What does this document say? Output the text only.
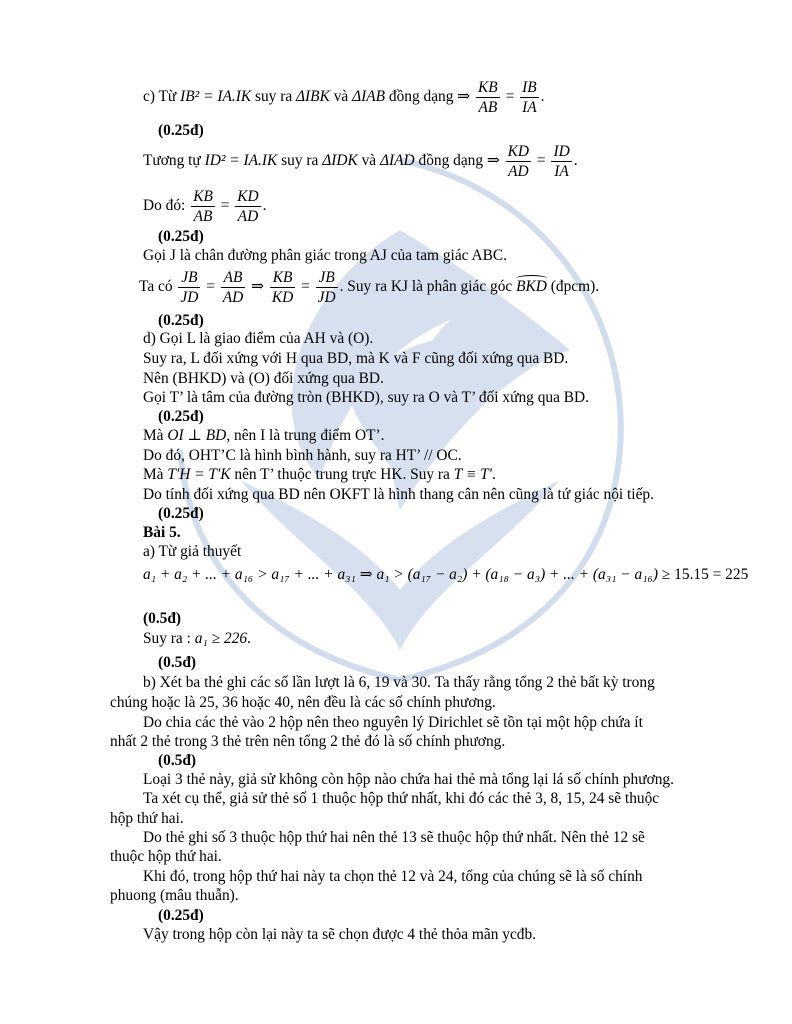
c) Từ IB² = IA.IK suy ra ΔIBK và ΔIAB đồng dạng ⇒ $\frac{KB}{AB} = \frac{IB}{IA}$ .
(0.25đ)
Tương tự ID² = IA.IK suy ra ΔIDK và ΔIAD đồng dạng ⇒ $\frac{KD}{AD} = \frac{ID}{IA}$ .
Do đó: $\frac{KB}{AB} = \frac{KD}{AD}$ .
(0.25đ)
Gọi J là chân đường phân giác trong AJ của tam giác ABC.
Ta có $\frac{JB}{JD} = \frac{AB}{AD}$ ⇒ $\frac{KB}{KD} = \frac{JB}{JD}$ . Suy ra KJ là phân giác góc BKD (đpcm).
(0.25đ)
d) Gọi L là giao điểm của AH và (O).
Suy ra, L đối xứng với H qua BD, mà K và F cũng đối xứng qua BD.
Nên (BHKD) và (O) đối xứng qua BD.
Gọi T’ là tâm của đường tròn (BHKD), suy ra O và T’ đối xứng qua BD.
(0.25đ)
Mà OI ⊥ BD, nên I là trung điểm OT’.
Do đó, OHT’C là hình bình hành, suy ra HT’ // OC.
Mà T'H = T'K nên T’ thuộc trung trực HK. Suy ra T ≡ T'.
Do tính đối xứng qua BD nên OKFT là hình thang cân nên cũng là tứ giác nội tiếp.
(0.25đ)
Bài 5.
a) Từ giả thuyết
a₁ + a₂ + ... + a₁₆ > a₁₇ + ... + a₃₁ ⇒ a₁ > (a₁₇ − a₂) + (a₁₈ − a₃) + ... + (a₃₁ − a₁₆) ≥ 15.15 = 225
(0.5đ)
Suy ra : a₁ ≥ 226.
(0.5đ)
b) Xét ba thẻ ghi các số lần lượt là 6, 19 và 30. Ta thấy rằng tổng 2 thẻ bất kỳ trong
chúng hoặc là 25, 36 hoặc 40, nên đều là các số chính phương.
Do chia các thẻ vào 2 hộp nên theo nguyên lý Dirichlet sẽ tồn tại một hộp chứa ít
nhất 2 thẻ trong 3 thẻ trên nên tổng 2 thẻ đó là số chính phương.
(0.5đ)
Loại 3 thẻ này, giả sử không còn hộp nào chứa hai thẻ mà tổng lại lá số chính phương.
Ta xét cụ thể, giả sử thẻ số 1 thuộc hộp thứ nhất, khi đó các thẻ 3, 8, 15, 24 sẽ thuộc
hộp thứ hai.
Do thẻ ghi số 3 thuộc hộp thứ hai nên thẻ 13 sẽ thuộc hộp thứ nhất. Nên thẻ 12 sẽ
thuộc hộp thứ hai.
Khi đó, trong hộp thứ hai này ta chọn thẻ 12 và 24, tổng của chúng sẽ là số chính
phuong (mâu thuẫn).
(0.25đ)
Vậy trong hộp còn lại này ta sẽ chọn được 4 thẻ thỏa mãn ycđb.
